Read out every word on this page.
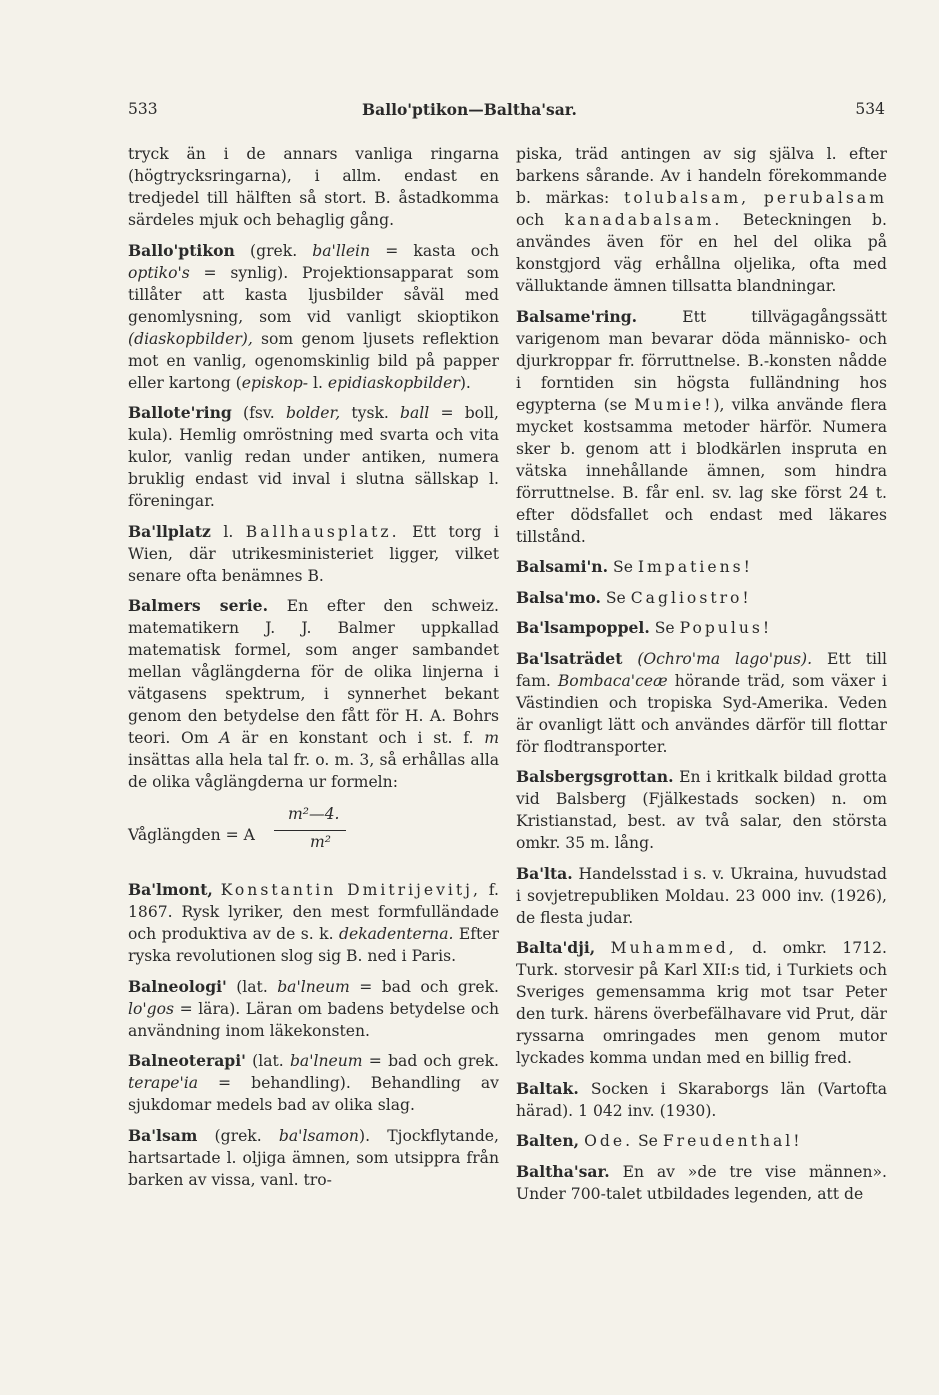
533	Ballo'ptikon—Baltha'sar.	534

tryck än i de annars vanliga ringarna (högtrycksringarna), i allm. endast en tredjedel till hälften så stort. B. åstadkomma särdeles mjuk och behaglig gång.

Ballo'ptikon (grek. ba'llein = kasta och optiko's = synlig). Projektionsapparat som tillåter att kasta ljusbilder såväl med genomlysning, som vid vanligt skioptikon (diaskopbilder), som genom ljusets reflektion mot en vanlig, ogenomskinlig bild på papper eller kartong (episkop- l. epidiaskopbilder).

Ballote'ring (fsv. bolder, tysk. ball = boll, kula). Hemlig omröstning med svarta och vita kulor, vanlig redan under antiken, numera bruklig endast vid inval i slutna sällskap l. föreningar.

Ba'llplatz l. Ballhausplatz. Ett torg i Wien, där utrikesministeriet ligger, vilket senare ofta benämnes B.

Balmers serie. En efter den schweiz. matematikern J. J. Balmer uppkallad matematisk formel, som anger sambandet mellan våglängderna för de olika linjerna i vätgasens spektrum, i synnerhet bekant genom den betydelse den fått för H. A. Bohrs teori. Om A är en konstant och i st. f. m insättas alla hela tal fr. o. m. 3, så erhållas alla de olika våglängderna ur formeln:

Våglängden = A
m²—4.
m²

Ba'lmont, Konstantin Dmitrijevitj, f. 1867. Rysk lyriker, den mest formfulländade och produktiva av de s. k. dekadenterna. Efter ryska revolutionen slog sig B. ned i Paris.

Balneologi' (lat. ba'lneum = bad och grek. lo'gos = lära). Läran om badens betydelse och användning inom läkekonsten.

Balneoterapi' (lat. ba'lneum = bad och grek. terape'ia = behandling). Behandling av sjukdomar medels bad av olika slag.

Ba'lsam (grek. ba'lsamon). Tjockflytande, hartsartade l. oljiga ämnen, som utsippra från barken av vissa, vanl. tro-

piska, träd antingen av sig själva l. efter barkens sårande. Av i handeln förekommande b. märkas: tolubalsam, perubalsam och kanadabalsam. Beteckningen b. användes även för en hel del olika på konstgjord väg erhållna oljelika, ofta med välluktande ämnen tillsatta blandningar.

Balsame'ring. Ett tillvägagångssätt varigenom man bevarar döda människo- och djurkroppar fr. förruttnelse. B.-konsten nådde i forntiden sin högsta fulländning hos egypterna (se Mumie!), vilka använde flera mycket kostsamma metoder härför. Numera sker b. genom att i blodkärlen insprutа en vätska innehållande ämnen, som hindra förruttnelse. B. får enl. sv. lag ske först 24 t. efter dödsfallet och endast med läkares tillstånd.

Balsami'n. Se Impatiens!

Balsa'mo. Se Cagliostro!

Ba'lsampoppel. Se Populus!

Ba'lsaträdet (Ochro'ma lago'pus). Ett till fam. Bombaca'ceæ hörande träd, som växer i Västindien och tropiska Syd-Amerika. Veden är ovanligt lätt och användes därför till flottar för flodtransporter.

Balsbergsgrottan. En i kritkalk bildad grotta vid Balsberg (Fjälkestads socken) n. om Kristianstad, best. av två salar, den största omkr. 35 m. lång.

Ba'lta. Handelsstad i s. v. Ukraina, huvudstad i sovjetrepubliken Moldau. 23 000 inv. (1926), de flesta judar.

Balta'dji, Muhammed, d. omkr. 1712. Turk. storvesir på Karl XII:s tid, i Turkiets och Sveriges gemensamma krig mot tsar Peter den turk. härens överbefälhavare vid Prut, där ryssarna omringades men genom mutor lyckades komma undan med en billig fred.

Baltak. Socken i Skaraborgs län (Vartofta härad). 1 042 inv. (1930).

Balten, Ode. Se Freudenthal!

Baltha'sar. En av »de tre vise männen». Under 700-talet utbildades legenden, att de
